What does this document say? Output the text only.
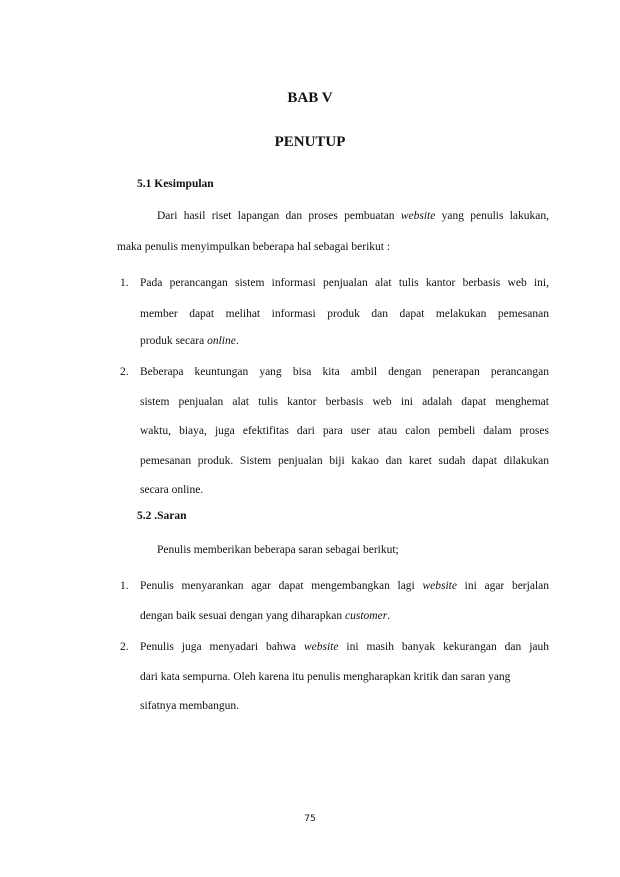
BAB V
PENUTUP
5.1 Kesimpulan
Dari hasil riset lapangan dan proses pembuatan website yang penulis lakukan,
maka penulis menyimpulkan beberapa hal sebagai berikut :
1. Pada perancangan sistem informasi penjualan alat tulis kantor berbasis web ini,
member dapat melihat informasi produk dan dapat melakukan pemesanan
produk secara online.
2. Beberapa keuntungan yang bisa kita ambil dengan penerapan perancangan
sistem penjualan alat tulis kantor berbasis web ini adalah dapat menghemat
waktu, biaya, juga efektifitas dari para user atau calon pembeli dalam proses
pemesanan produk. Sistem penjualan biji kakao dan karet sudah dapat dilakukan
secara online.
5.2 .Saran
Penulis memberikan beberapa saran sebagai berikut;
1. Penulis menyarankan agar dapat mengembangkan lagi website ini agar berjalan
dengan baik sesuai dengan yang diharapkan customer.
2. Penulis juga menyadari bahwa website ini masih banyak kekurangan dan jauh
dari kata sempurna. Oleh karena itu penulis mengharapkan kritik dan saran yang
sifatnya membangun.
75
